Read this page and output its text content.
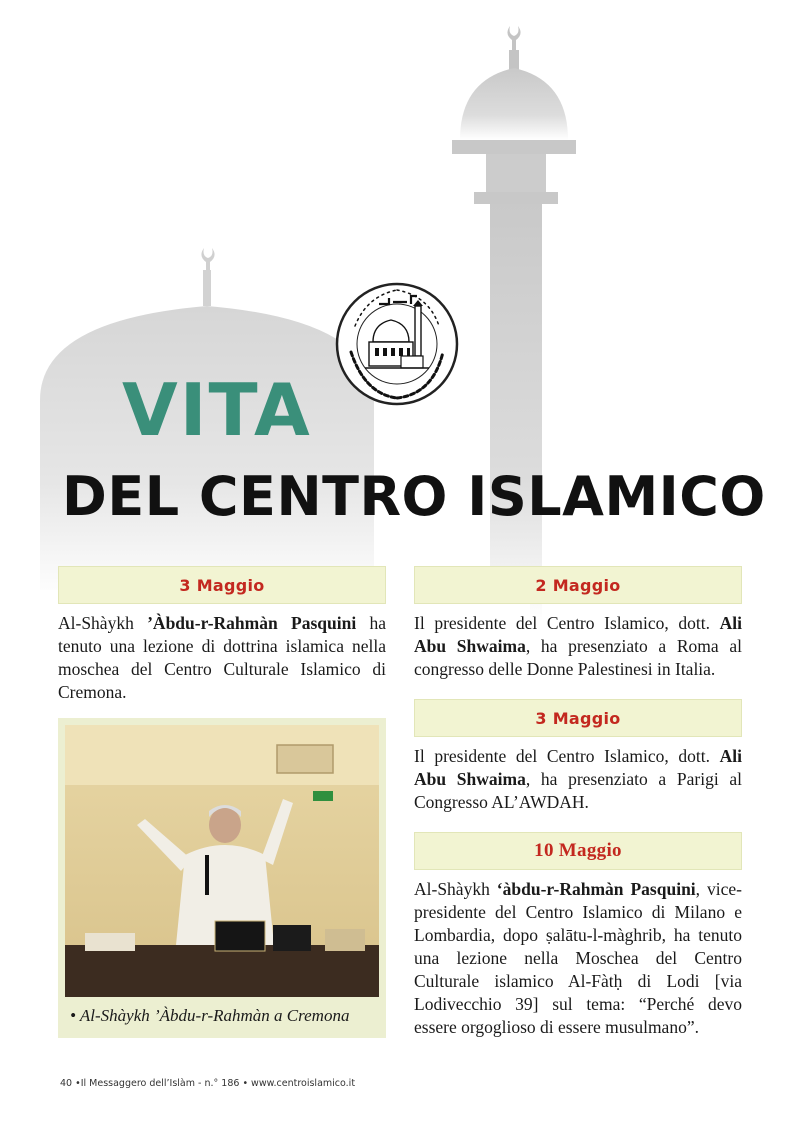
VITA
DEL CENTRO ISLAMICO
3 Maggio

Al-Shàykh ’Àbdu-r-Rahmàn Pasquini ha tenuto una lezione di dottrina islamica nella moschea del Centro Culturale Islamico di Cremona.

• Al-Shàykh ’Àbdu-r-Rahmàn a Cremona
2 Maggio

Il presidente del Centro Islamico, dott. Ali Abu Shwaima, ha presenziato a Roma al congresso delle Donne Palestinesi in Italia.

3 Maggio

Il presidente del Centro Islamico, dott. Ali Abu Shwaima, ha presenziato a Parigi al Congresso AL’AWDAH.

10 Maggio

Al-Shàykh ‘àbdu-r-Rahmàn Pasquini, vice-presidente del Centro Islamico di Milano e Lombardia, dopo ṣalātu-l-màghrib, ha tenuto una lezione nella Moschea del Centro Culturale islamico Al-Fàtḥ di Lodi [via Lodivecchio 39] sul tema: “Perché devo essere orgoglioso di essere musulmano”.

40 •Il Messaggero dell’Islàm - n.° 186 • www.centroislamico.it
